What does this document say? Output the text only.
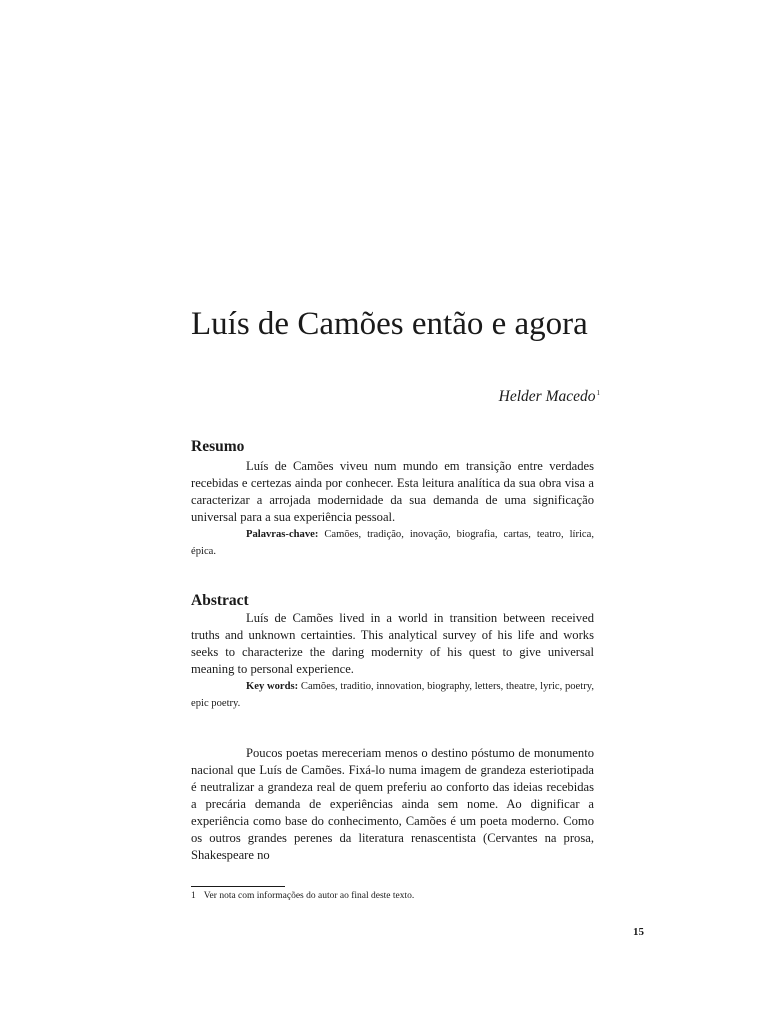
Luís de Camões então e agora
Helder Macedo$^1$
Resumo

Luís de Camões viveu num mundo em transição entre verdades recebidas e certezas ainda por conhecer. Esta leitura analítica da sua obra visa a caracterizar a arrojada modernidade da sua demanda de uma significação universal para a sua experiência pessoal.

Palavras-chave: Camões, tradição, inovação, biografia, cartas, teatro, lírica, épica.

Abstract

Luís de Camões lived in a world in transition between received truths and unknown certainties. This analytical survey of his life and works seeks to characterize the daring modernity of his quest to give universal meaning to personal experience.

Key words: Camões, traditio, innovation, biography, letters, theatre, lyric, poetry, epic poetry.

Poucos poetas mereceriam menos o destino póstumo de monumento nacional que Luís de Camões. Fixá-lo numa imagem de grandeza esteriotipada é neutralizar a grandeza real de quem preferiu ao conforto das ideias recebidas a precária demanda de experiências ainda sem nome. Ao dignificar a experiência como base do conhecimento, Camões é um poeta moderno. Como os outros grandes perenes da literatura renascentista (Cervantes na prosa, Shakespeare no

1 Ver nota com informações do autor ao final deste texto.
15
